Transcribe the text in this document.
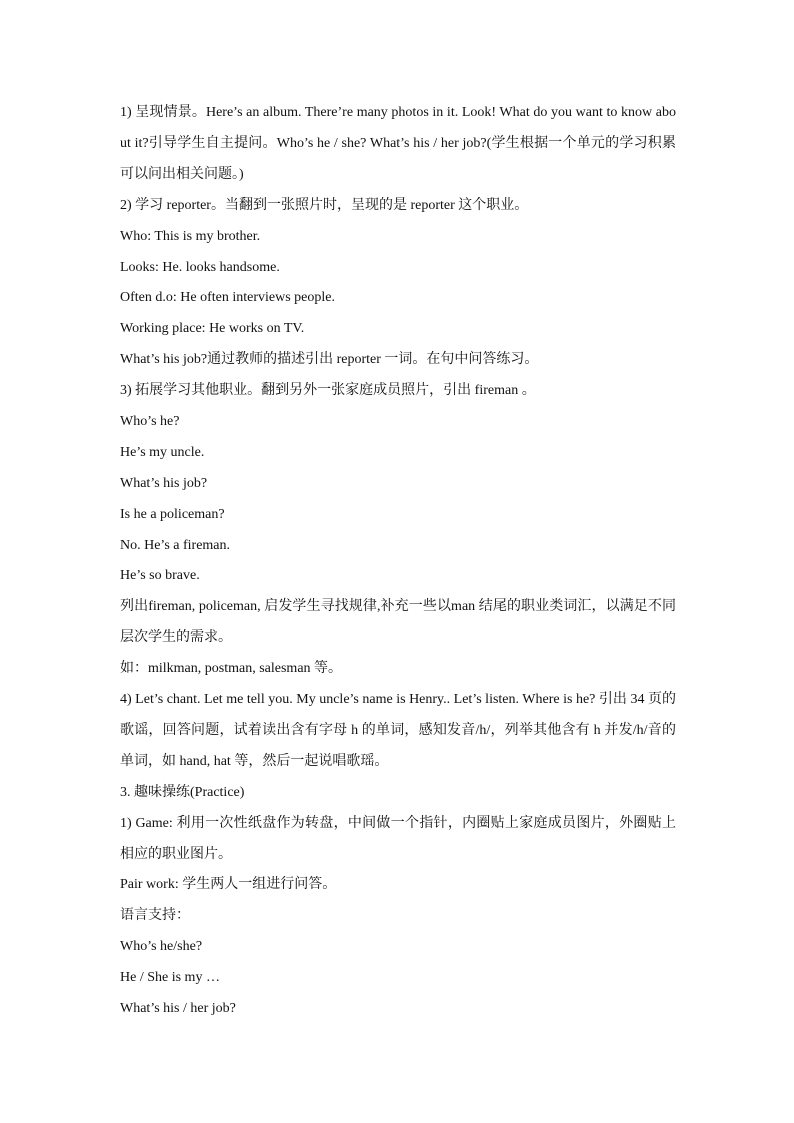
1) 呈现情景。Here’s an album. There’re many photos in it. Look! What do you want to know about it?引导学生自主提问。Who’s he / she? What’s his / her job?(学生根据一个单元的学习积累可以问出相关问题。)
2) 学习 reporter。当翻到一张照片时，呈现的是 reporter 这个职业。
Who: This is my brother.
Looks: He. looks handsome.
Often d.o: He often interviews people.
Working place: He works on TV.
What’s his job?通过教师的描述引出 reporter 一词。在句中问答练习。
3) 拓展学习其他职业。翻到另外一张家庭成员照片，引出 fireman 。
Who’s he?
He’s my uncle.
What’s his job?
Is he a policeman?
No. He’s a fireman.
He’s so brave.
列出fireman, policeman, 启发学生寻找规律,补充一些以man 结尾的职业类词汇，以满足不同层次学生的需求。
如：milkman, postman, salesman 等。
4) Let’s chant. Let me tell you. My uncle’s name is Henry.. Let’s listen. Where is he? 引出 34 页的歌谣，回答问题，试着读出含有字母 h 的单词，感知发音/h/，列举其他含有 h 并发/h/音的单词，如 hand, hat 等，然后一起说唱歌瑶。
3. 趣味操练(Practice)
1) Game: 利用一次性纸盘作为转盘，中间做一个指针，内圈贴上家庭成员图片，外圈贴上相应的职业图片。
Pair work: 学生两人一组进行问答。
语言支持：
Who’s he/she?
He / She is my …
What’s his / her job?
